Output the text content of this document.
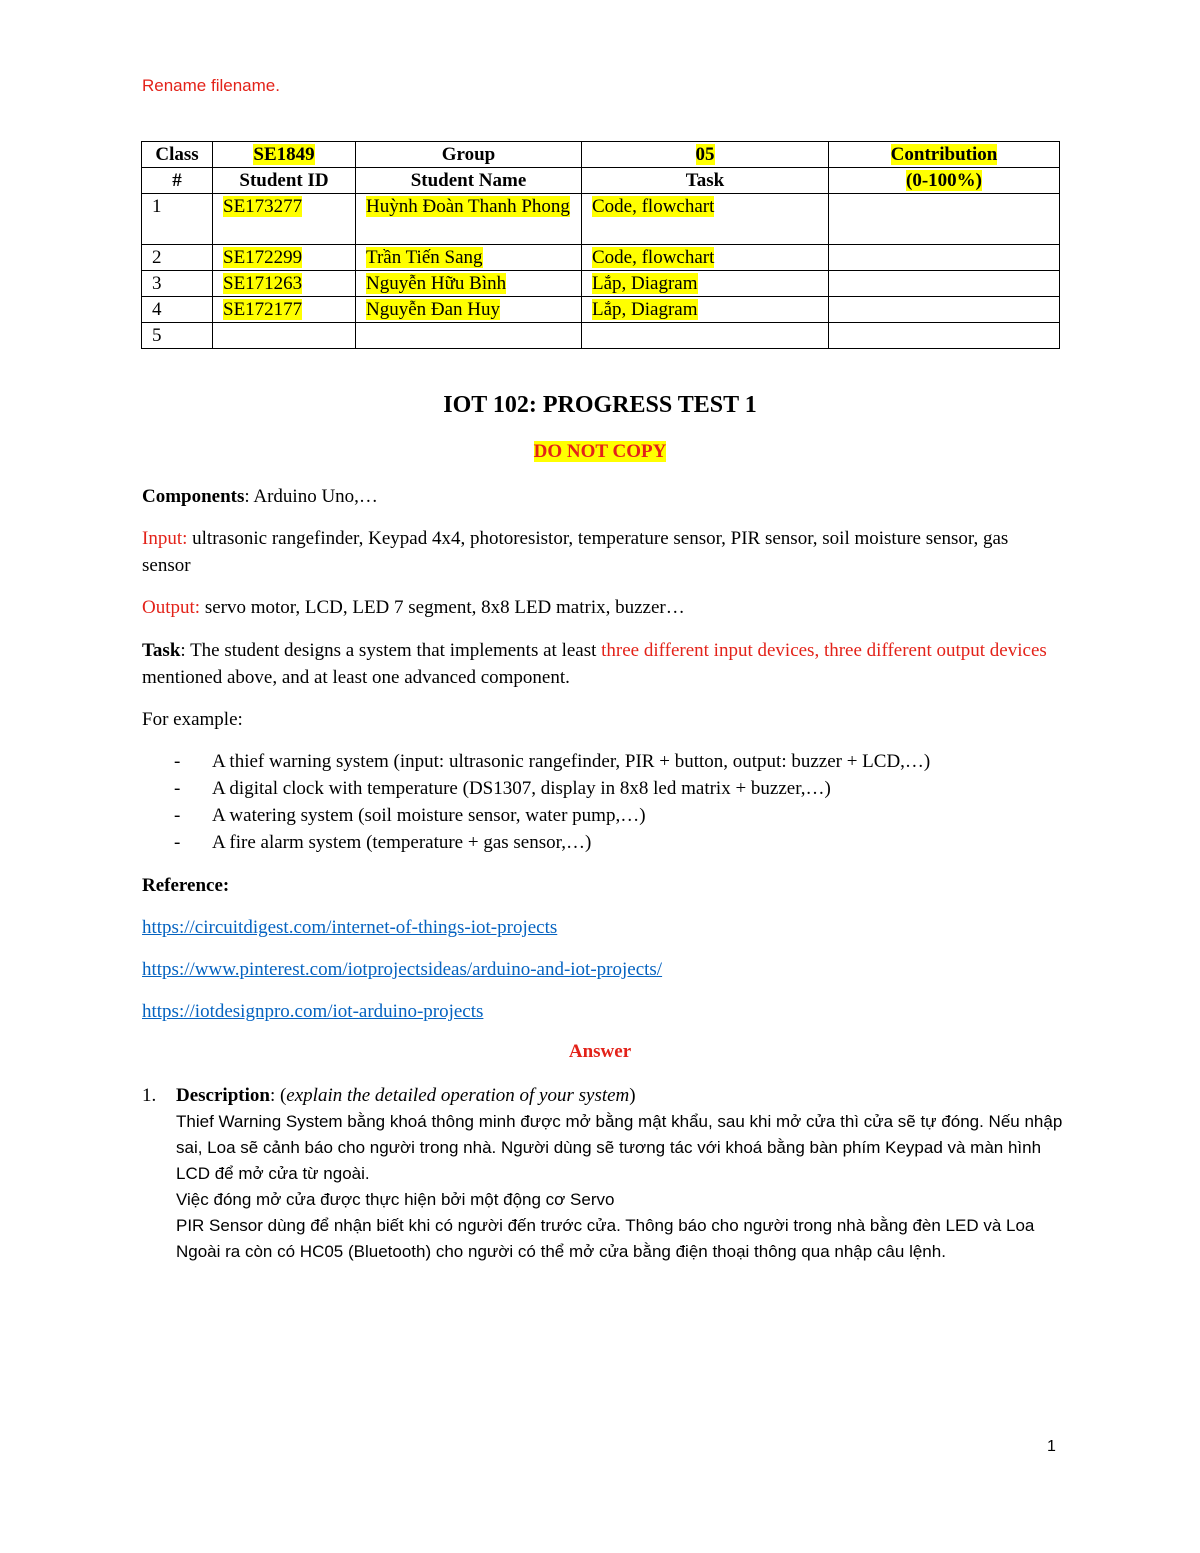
Rename filename.
Class	SE1849	Group	05	Contribution
#	Student ID	Student Name	Task	(0-100%)
1	SE173277	Huỳnh Đoàn Thanh Phong	Code, flowchart	
2	SE172299	Trần Tiến Sang	Code, flowchart	
3	SE171263	Nguyễn Hữu Bình	Lắp, Diagram	
4	SE172177	Nguyễn Đan Huy	Lắp, Diagram	
5				
IOT 102: PROGRESS TEST 1
DO NOT COPY
Components: Arduino Uno,…
Input: ultrasonic rangefinder, Keypad 4x4, photoresistor, temperature sensor, PIR sensor, soil moisture sensor, gas sensor
Output: servo motor, LCD, LED 7 segment, 8x8 LED matrix, buzzer…
Task: The student designs a system that implements at least three different input devices, three different output devices mentioned above, and at least one advanced component.
For example:
- A thief warning system (input: ultrasonic rangefinder, PIR + button, output: buzzer + LCD,…)
- A digital clock with temperature (DS1307, display in 8x8 led matrix + buzzer,…)
- A watering system (soil moisture sensor, water pump,…)
- A fire alarm system (temperature + gas sensor,…)
Reference:
https://circuitdigest.com/internet-of-things-iot-projects
https://www.pinterest.com/iotprojectsideas/arduino-and-iot-projects/
https://iotdesignpro.com/iot-arduino-projects
Answer
1. Description: (explain the detailed operation of your system)
Thief Warning System bằng khoá thông minh được mở bằng mật khẩu, sau khi mở cửa thì cửa sẽ tự đóng. Nếu nhập sai, Loa sẽ cảnh báo cho người trong nhà. Người dùng sẽ tương tác với khoá bằng bàn phím Keypad và màn hình LCD để mở cửa từ ngoài.
Việc đóng mở cửa được thực hiện bởi một động cơ Servo
PIR Sensor dùng để nhận biết khi có người đến trước cửa. Thông báo cho người trong nhà bằng đèn LED và Loa
Ngoài ra còn có HC05 (Bluetooth) cho người có thể mở cửa bằng điện thoại thông qua nhập câu lệnh.
1
